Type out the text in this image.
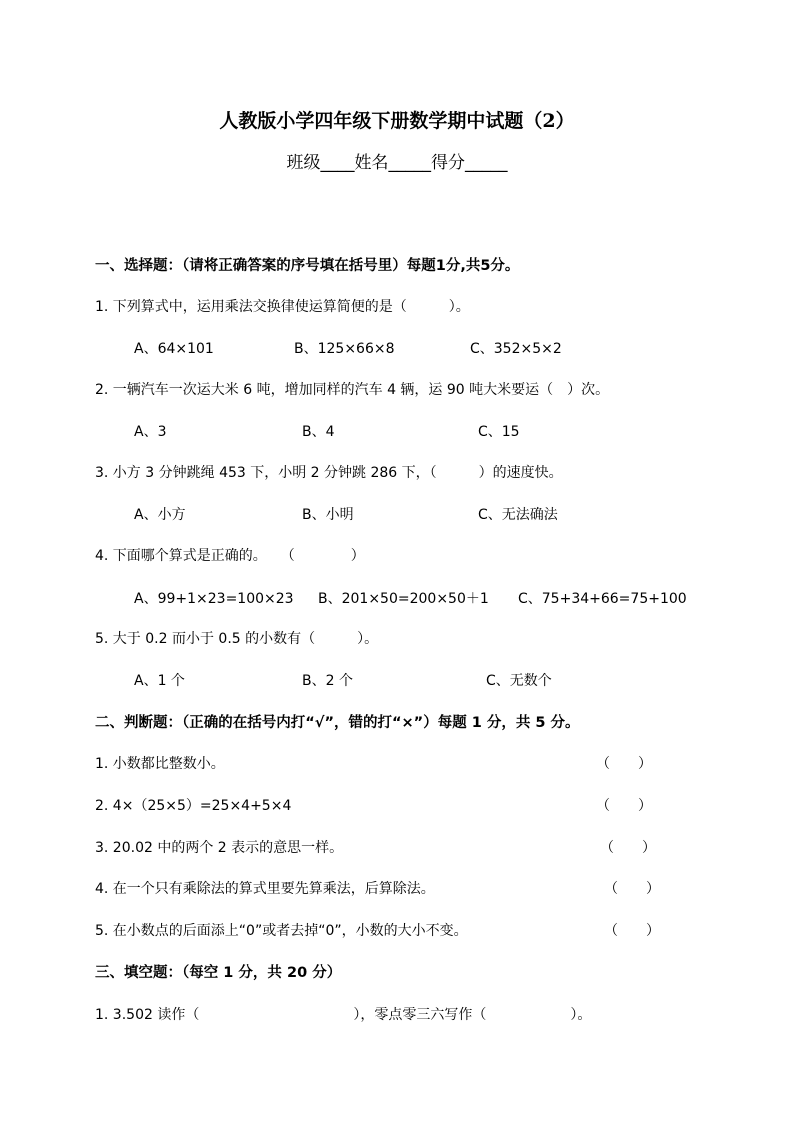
人教版小学四年级下册数学期中试题（2）
班级____姓名_____得分_____
一、选择题：（请将正确答案的序号填在括号里）每题1分,共5分。
1. 下列算式中，运用乘法交换律使运算简便的是（　　　）。
A、64×101	B、125×66×8	C、352×5×2
2. 一辆汽车一次运大米 6 吨，增加同样的汽车 4 辆，运 90 吨大米要运（　）次。
A、3	B、4	C、15
3. 小方 3 分钟跳绳 453 下，小明 2 分钟跳 286 下，（　　　）的速度快。
A、小方	B、小明	C、无法确法
4. 下面哪个算式是正确的。　　（　　　　）
A、99+1×23=100×23 B、201×50=200×50＋1 C、75+34+66=75+100
5. 大于 0.2 而小于 0.5 的小数有（　　　）。
A、1 个	B、2 个	C、无数个
二、判断题：（正确的在括号内打“√”，错的打“×”）每题 1 分，共 5 分。
1. 小数都比整数小。	（　　）
2. 4×（25×5）=25×4+5×4	（　　）
3. 20.02 中的两个 2 表示的意思一样。	（　　）
4. 在一个只有乘除法的算式里要先算乘法，后算除法。	（　　）
5. 在小数点的后面添上“0”或者去掉“0”，小数的大小不变。	（　　）
三、填空题：（每空 1 分，共 20 分）
1. 3.502 读作（　　　　　　　　　　　），零点零三六写作（　　　　　　）。
